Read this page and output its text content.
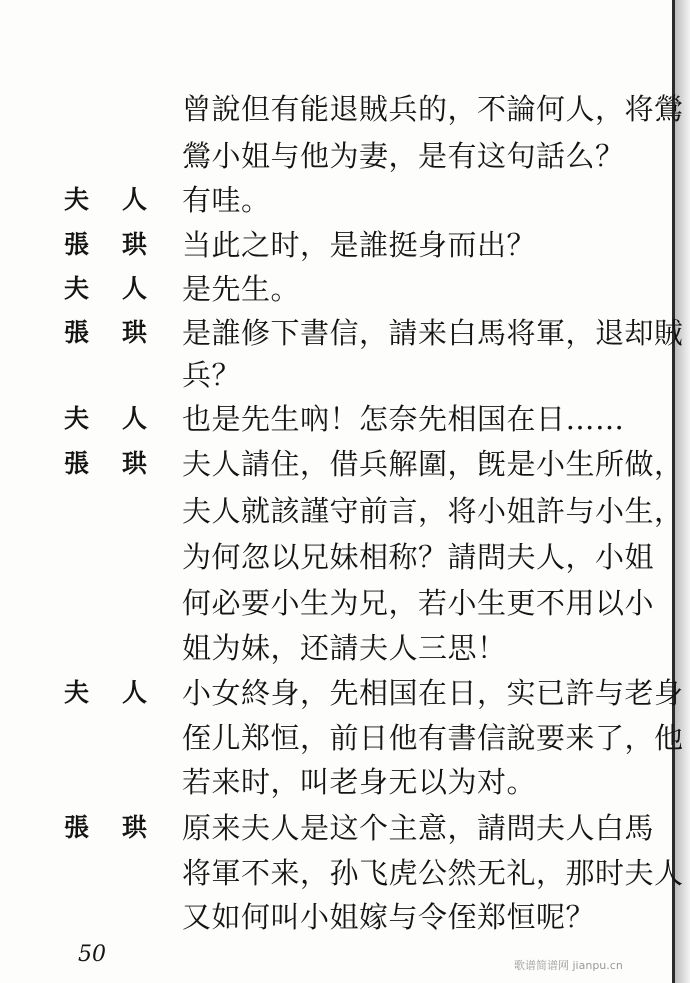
曾說但有能退賊兵的，不論何人，将鶯
鶯小姐与他为妻，是有这句話么？
夫 人 有哇。
張 珙 当此之时，是誰挺身而出？
夫 人 是先生。
張 珙 是誰修下書信，請来白馬将軍，退却賊
兵？
夫 人 也是先生吶！怎奈先相国在日……
張 珙 夫人請住，借兵解圍，旣是小生所做，
夫人就該謹守前言，将小姐許与小生，
为何忽以兄妹相称？請問夫人，小姐
何必要小生为兄，若小生更不用以小
姐为妹，还請夫人三思！
夫 人 小女終身，先相国在日，实已許与老身
侄儿郑恒，前日他有書信說要来了，他
若来时，叫老身无以为对。
張 珙 原来夫人是这个主意，請問夫人白馬
将軍不来，孙飞虎公然无礼，那时夫人
又如何叫小姐嫁与令侄郑恒呢？
50	歌谱简谱网 jianpu.cn
